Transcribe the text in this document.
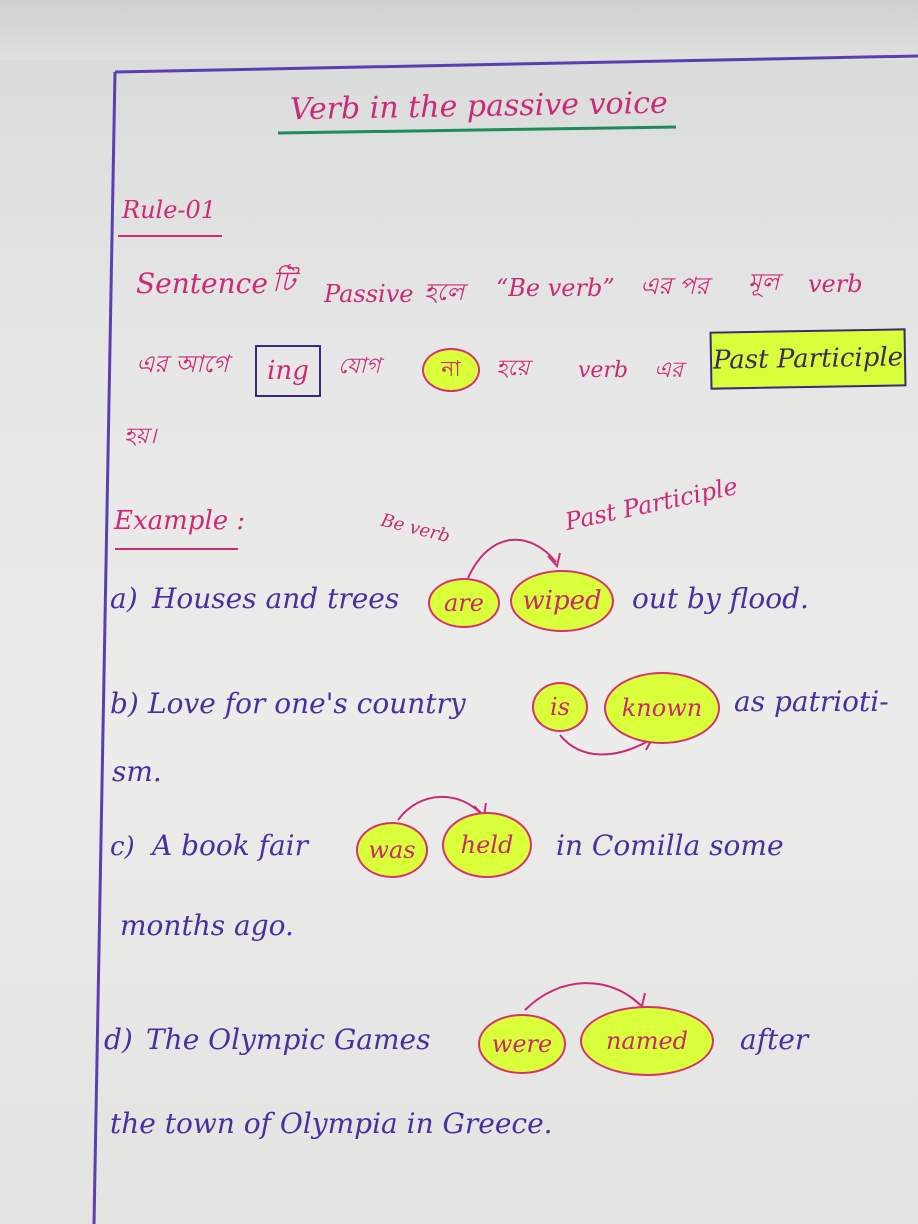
Verb in the passive voice
Rule-01
Sentence টি Passive হলে “Be verb” এর পর মূল verb
এর আগে	ing	যোগ	না	হয়ে verb এর Past Participle
হয়।
Example :	Be verb	Past Participle
a) Houses and trees	are	wiped	out by flood.
b) Love for one's country	is	known	as patrioti-
sm.
c) A book fair	was	held	in Comilla some
months ago.
d) The Olympic Games	were	named	after
the town of Olympia in Greece.
